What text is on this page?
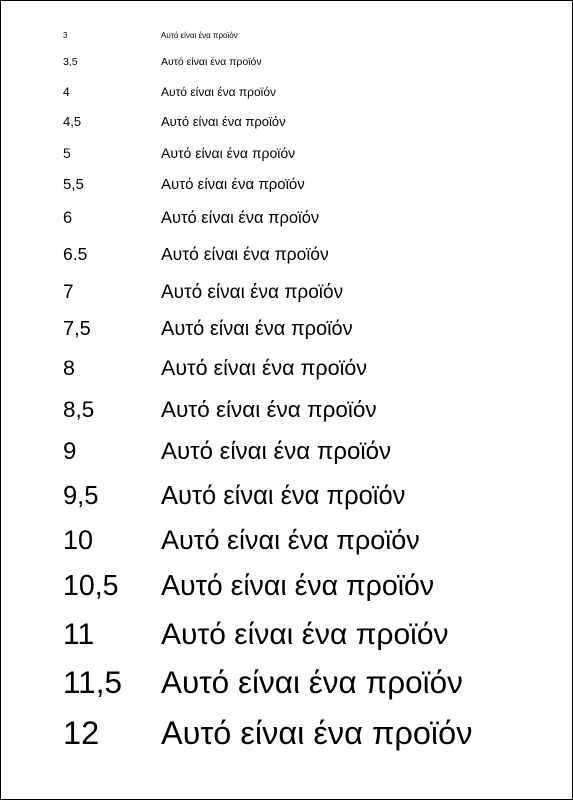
3	Αυτό είναι ένα προϊόν
3,5	Αυτό είναι ένα προϊόν
4	Αυτό είναι ένα προϊόν
4,5	Αυτό είναι ένα προϊόν
5	Αυτό είναι ένα προϊόν
5,5	Αυτό είναι ένα προϊόν
6	Αυτό είναι ένα προϊόν
6.5	Αυτό είναι ένα προϊόν
7	Αυτό είναι ένα προϊόν
7,5	Αυτό είναι ένα προϊόν
8	Αυτό είναι ένα προϊόν
8,5	Αυτό είναι ένα προϊόν
9	Αυτό είναι ένα προϊόν
9,5 Αυτό είναι ένα προϊόν
10	Αυτό είναι ένα προϊόν
10,5 Αυτό είναι ένα προϊόν
11 Αυτό είναι ένα προϊόν
11,5 Αυτό είναι ένα προϊόν
12 Αυτό είναι ένα προϊόν
